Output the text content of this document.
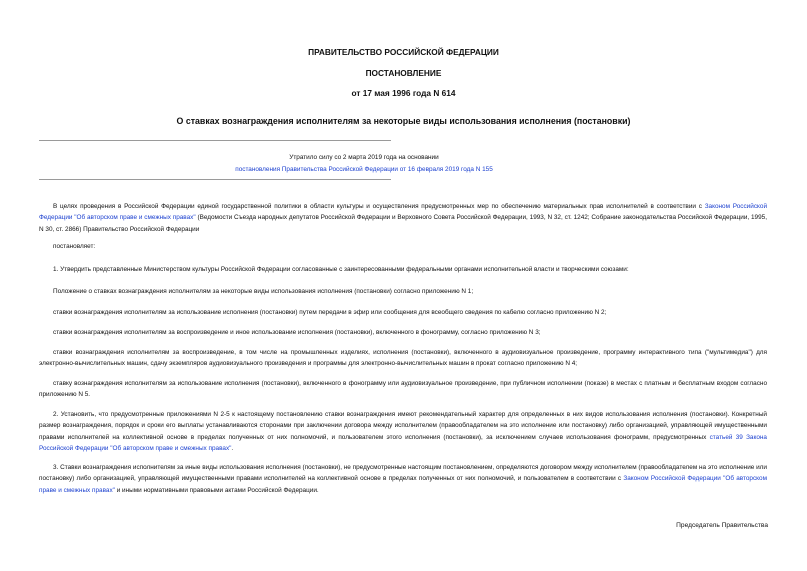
ПРАВИТЕЛЬСТВО РОССИЙСКОЙ ФЕДЕРАЦИИ
ПОСТАНОВЛЕНИЕ
от 17 мая 1996 года N 614
О ставках вознаграждения исполнителям за некоторые виды использования исполнения (постановки)
Утратило силу со 2 марта 2019 года на основании
постановления Правительства Российской Федерации от 16 февраля 2019 года N 155
В целях проведения в Российской Федерации единой государственной политики в области культуры и осуществления предусмотренных мер по обеспечению материальных прав исполнителей в соответствии с Законом Российской Федерации "Об авторском праве и смежных правах" (Ведомости Съезда народных депутатов Российской Федерации и Верховного Совета Российской Федерации, 1993, N 32, ст. 1242; Собрание законодательства Российской Федерации, 1995, N 30, ст. 2866) Правительство Российской Федерации
постановляет:
1. Утвердить представленные Министерством культуры Российской Федерации согласованные с заинтересованными федеральными органами исполнительной власти и творческими союзами:
Положение о ставках вознаграждения исполнителям за некоторые виды использования исполнения (постановки) согласно приложению N 1;
ставки вознаграждения исполнителям за использование исполнения (постановки) путем передачи в эфир или сообщения для всеобщего сведения по кабелю согласно приложению N 2;
ставки вознаграждения исполнителям за воспроизведение и иное использование исполнения (постановки), включенного в фонограмму, согласно приложению N 3;
ставки вознаграждения исполнителям за воспроизведение, в том числе на промышленных изделиях, исполнения (постановки), включенного в аудиовизуальное произведение, программу интерактивного типа ("мультимедиа") для электронно-вычислительных машин, сдачу экземпляров аудиовизуального произведения и программы для электронно-вычислительных машин в прокат согласно приложению N 4;
ставку вознаграждения исполнителям за использование исполнения (постановки), включенного в фонограмму или аудиовизуальное произведение, при публичном исполнении (показе) в местах с платным и бесплатным входом согласно приложению N 5.
2. Установить, что предусмотренные приложениями N 2-5 к настоящему постановлению ставки вознаграждения имеют рекомендательный характер для определенных в них видов использования исполнения (постановки). Конкретный размер вознаграждения, порядок и сроки его выплаты устанавливаются сторонами при заключении договора между исполнителем (правообладателем на это исполнение или постановку) либо организацией, управляющей имущественными правами исполнителей на коллективной основе в пределах полученных от них полномочий, и пользователем этого исполнения (постановки), за исключением случаев использования фонограмм, предусмотренных статьей 39 Закона Российской Федерации "Об авторском праве и смежных правах".
3. Ставки вознаграждения исполнителям за иные виды использования исполнения (постановки), не предусмотренные настоящим постановлением, определяются договором между исполнителем (правообладателем на это исполнение или постановку) либо организацией, управляющей имущественными правами исполнителей на коллективной основе в пределах полученных от них полномочий, и пользователем в соответствии с Законом Российской Федерации "Об авторском праве и смежных правах" и иными нормативными правовыми актами Российской Федерации.
Председатель Правительства
